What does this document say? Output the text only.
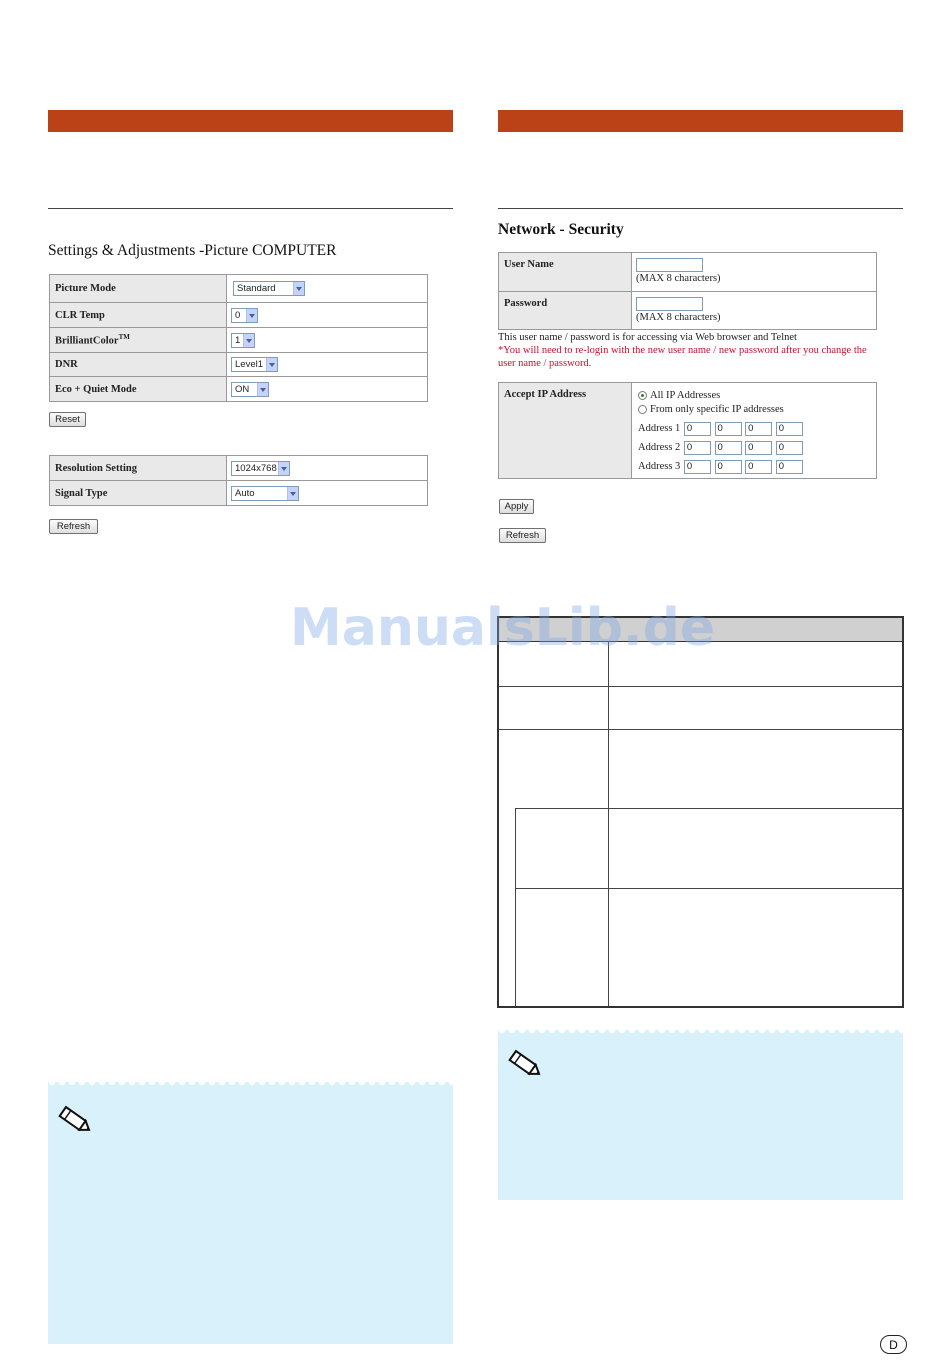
Settings & Adjustments -Picture COMPUTER
Picture Mode	Standard

CLR Temp	0

BrilliantColor™	1

DNR	Level1

Eco + Quiet Mode	ON
Reset
Resolution Setting	1024x768

Signal Type	Auto
Refresh
Network - Security
User Name	(MAX 8 characters)
Password	(MAX 8 characters)
This user name / password is for accessing via Web browser and Telnet
*You will need to re-login with the new user name / new password after you change the
user name / password.
Accept IP Address	All IP Addresses
From only specific IP addresses
Address 1 0	0	0	0
Address 2 0	0	0	0
Address 3 0	0	0	0
Apply
Refresh
ManualsLib.de
D
